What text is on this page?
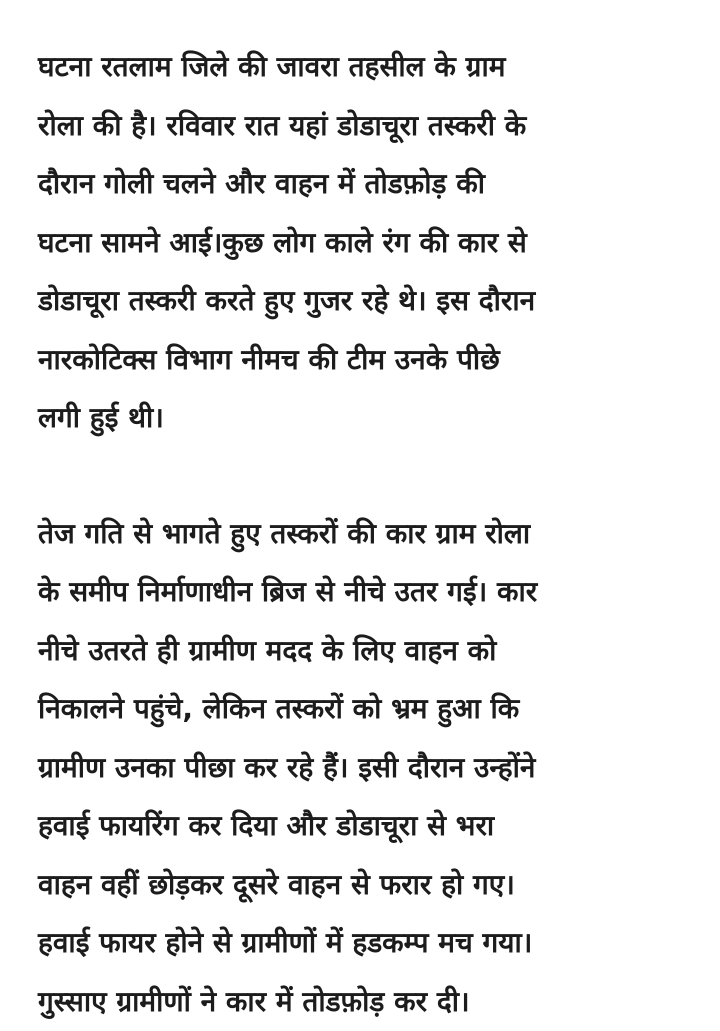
घटना रतलाम जिले की जावरा तहसील के ग्राम
रोला की है। रविवार रात यहां डोडाचूरा तस्करी के
दौरान गोली चलने और वाहन में तोडफ़ोड़ की
घटना सामने आई।कुछ लोग काले रंग की कार से
डोडाचूरा तस्करी करते हुए गुजर रहे थे। इस दौरान
नारकोटिक्स विभाग नीमच की टीम उनके पीछे
लगी हुई थी।

तेज गति से भागते हुए तस्करों की कार ग्राम रोला
के समीप निर्माणाधीन ब्रिज से नीचे उतर गई। कार
नीचे उतरते ही ग्रामीण मदद के लिए वाहन को
निकालने पहुंचे, लेकिन तस्करों को भ्रम हुआ कि
ग्रामीण उनका पीछा कर रहे हैं। इसी दौरान उन्होंने
हवाई फायरिंग कर दिया और डोडाचूरा से भरा
वाहन वहीं छोड़कर दूसरे वाहन से फरार हो गए।
हवाई फायर होने से ग्रामीणों में हडकम्प मच गया।
गुस्साए ग्रामीणों ने कार में तोडफ़ोड़ कर दी।
